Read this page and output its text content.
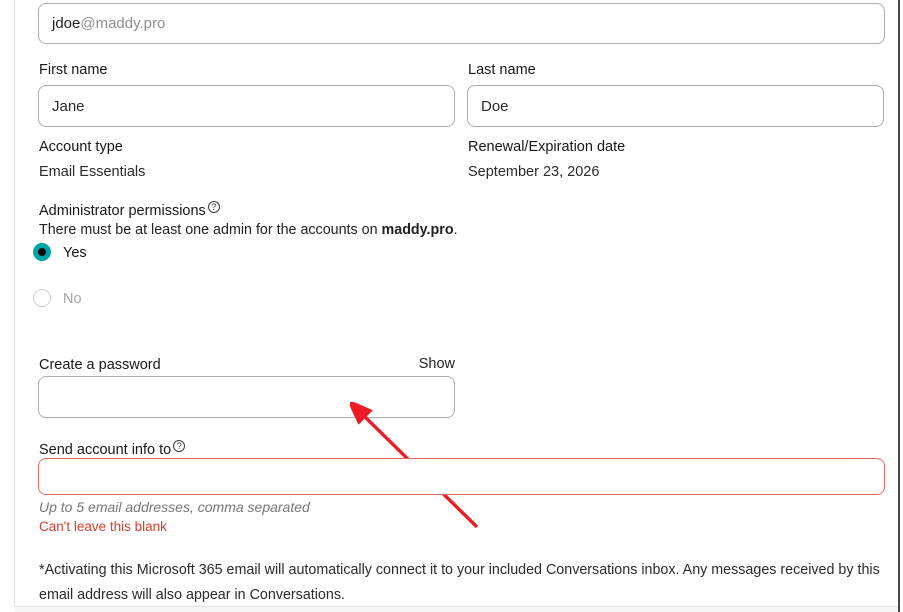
jdoe @maddy.pro
First name
Jane	Last name
Doe
Account type
Email Essentials
Renewal/Expiration date
September 23, 2026
Administrator permissions ?
There must be at least one admin for the accounts on maddy.pro.
Yes
No
Create a password	Show
Send account info to ?
Up to 5 email addresses, comma separated
Can't leave this blank
*Activating this Microsoft 365 email will automatically connect it to your included Conversations inbox. Any messages received by this email address will also appear in Conversations.
